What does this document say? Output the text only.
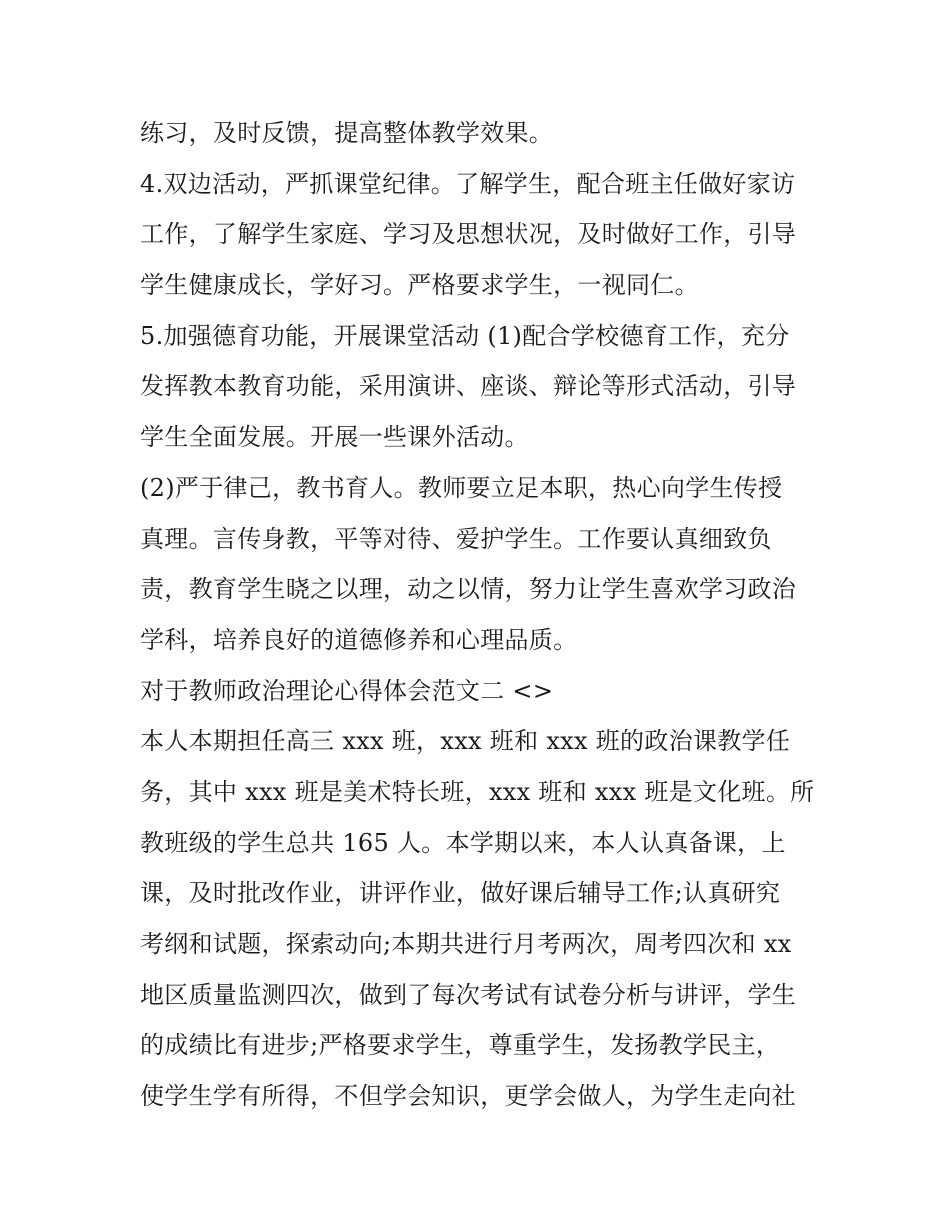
练习，及时反馈，提高整体教学效果。
4.双边活动，严抓课堂纪律。了解学生，配合班主任做好家访
工作，了解学生家庭、学习及思想状况，及时做好工作，引导
学生健康成长，学好习。严格要求学生，一视同仁。
5.加强德育功能，开展课堂活动 (1)配合学校德育工作，充分
发挥教本教育功能，采用演讲、座谈、辩论等形式活动，引导
学生全面发展。开展一些课外活动。
(2)严于律己，教书育人。教师要立足本职，热心向学生传授
真理。言传身教，平等对待、爱护学生。工作要认真细致负
责，教育学生晓之以理，动之以情，努力让学生喜欢学习政治
学科，培养良好的道德修养和心理品质。
对于教师政治理论心得体会范文二 <>
本人本期担任高三 xxx 班，xxx 班和 xxx 班的政治课教学任
务，其中 xxx 班是美术特长班，xxx 班和 xxx 班是文化班。所
教班级的学生总共 165 人。本学期以来，本人认真备课，上
课，及时批改作业，讲评作业，做好课后辅导工作;认真研究
考纲和试题，探索动向;本期共进行月考两次，周考四次和 xx
地区质量监测四次，做到了每次考试有试卷分析与讲评，学生
的成绩比有进步;严格要求学生，尊重学生，发扬教学民主，
使学生学有所得，不但学会知识，更学会做人，为学生走向社
